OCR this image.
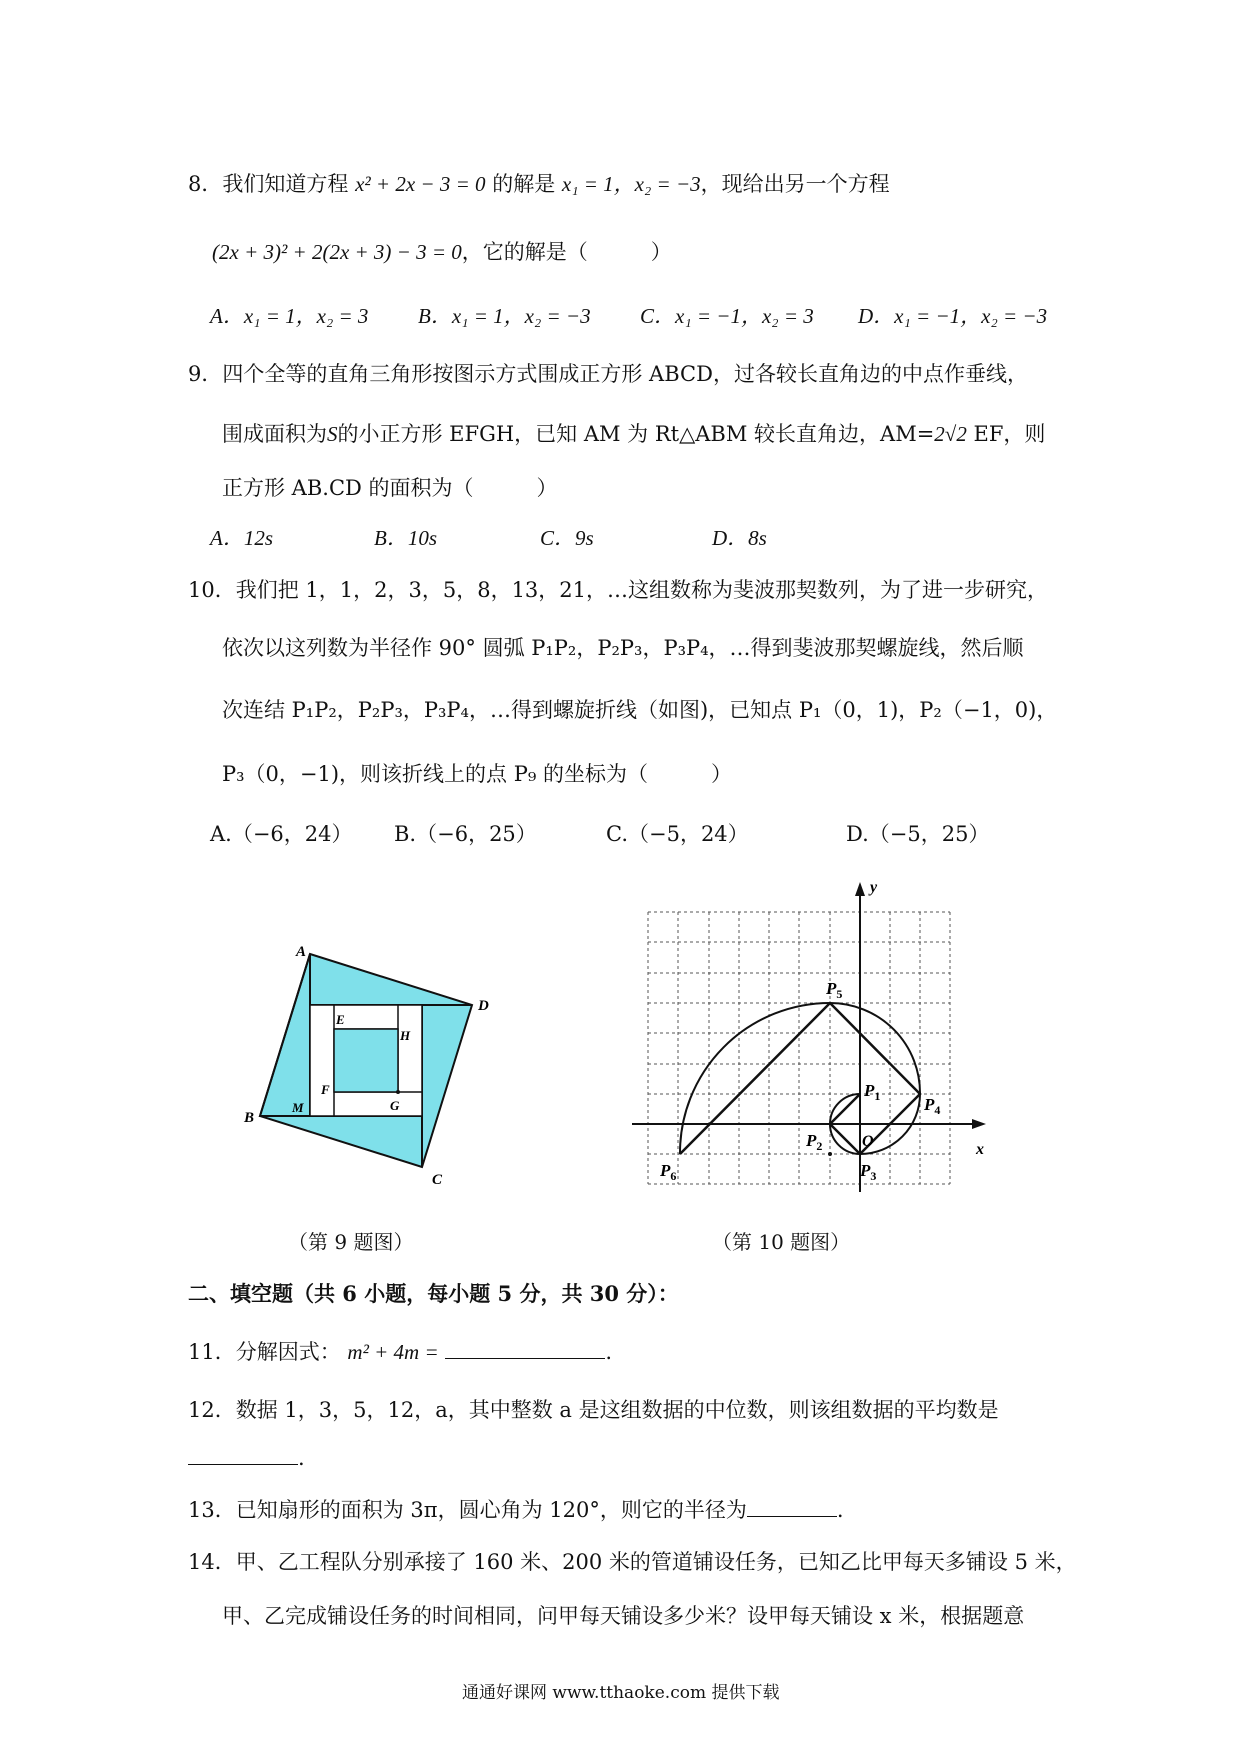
8．我们知道方程 x² + 2x − 3 = 0 的解是 x₁ = 1，x₂ = −3，现给出另一个方程
(2x + 3)² + 2(2x + 3) − 3 = 0，它的解是（　　　）
A．x₁ = 1，x₂ = 3 B．x₁ = 1，x₂ = −3 C．x₁ = −1，x₂ = 3 D．x₁ = −1，x₂ = −3
9．四个全等的直角三角形按图示方式围成正方形 ABCD，过各较长直角边的中点作垂线，
围成面积为S的小正方形 EFGH，已知 AM 为 Rt△ABM 较长直角边，AM=2√2 EF，则
正方形 AB.CD 的面积为（　　　）
A．12s	B．10s	C．9s	D．8s
10．我们把 1，1，2，3，5，8，13，21，…这组数称为斐波那契数列，为了进一步研究，
依次以这列数为半径作 90° 圆弧 P₁P₂，P₂P₃，P₃P₄，…得到斐波那契螺旋线，然后顺
次连结 P₁P₂，P₂P₃，P₃P₄，…得到螺旋折线（如图)，已知点 P₁（0，1)，P₂（−1，0)，
P₃（0，−1)，则该折线上的点 P₉ 的坐标为（　　　）
A.（−6，24） B.（−6，25）	C.（−5，24）	D.（−5，25）
A
D
B
C
E
H
F
G
M
（第 9 题图）
y
x
O
$P_1$
$P_2$
$P_3$
$P_4$
$P_5$
$P_6$
（第 10 题图）
二、填空题（共 6 小题，每小题 5 分，共 30 分）：
11．分解因式： m² + 4m =	.
12．数据 1，3，5，12，a，其中整数 a 是这组数据的中位数，则该组数据的平均数是
.
13．已知扇形的面积为 3π，圆心角为 120°，则它的半径为	.
14．甲、乙工程队分别承接了 160 米、200 米的管道铺设任务，已知乙比甲每天多铺设 5 米，
甲、乙完成铺设任务的时间相同，问甲每天铺设多少米？设甲每天铺设 x 米，根据题意
通通好课网 www.tthaoke.com 提供下载
